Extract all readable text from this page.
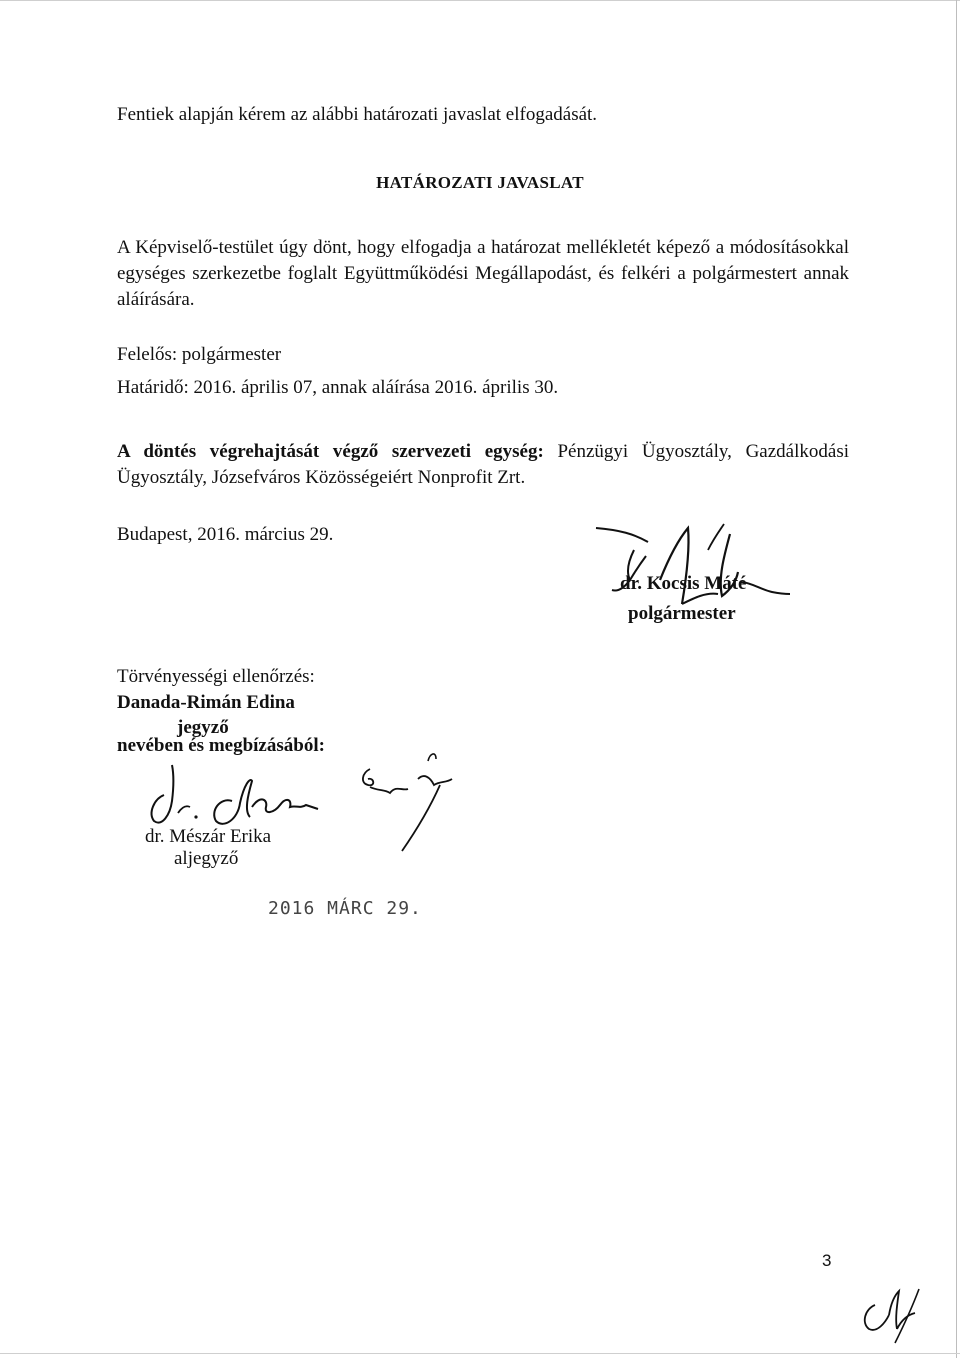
Fentiek alapján kérem az alábbi határozati javaslat elfogadását.
HATÁROZATI JAVASLAT
A Képviselő-testület úgy dönt, hogy elfogadja a határozat mellékletét képező a módosításokkal egységes szerkezetbe foglalt Együttműködési Megállapodást, és felkéri a polgármestert annak aláírására.
Felelős: polgármester
Határidő: 2016. április 07, annak aláírása 2016. április 30.
A döntés végrehajtását végző szervezeti egység: Pénzügyi Ügyosztály, Gazdálkodási Ügyosztály, Józsefváros Közösségeiért Nonprofit Zrt.
Budapest, 2016. március 29.
dr. Kocsis Máté
polgármester
Törvényességi ellenőrzés:
Danada-Rimán Edina
jegyző
nevében és megbízásából:
dr. Mészár Erika
aljegyző
2016 MÁRC 29.
3
